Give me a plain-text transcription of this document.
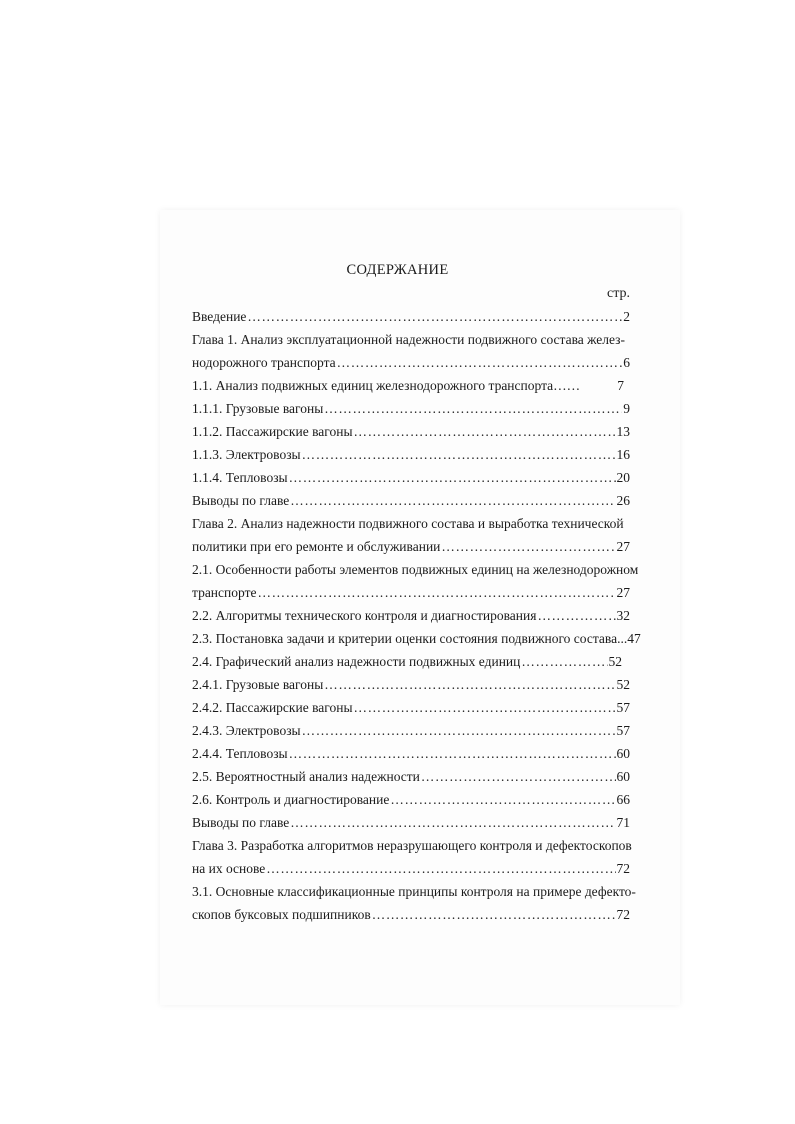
СОДЕРЖАНИЕ
стр.
Введение …………………………………………………………………………………………………………………………………………………………	2
Глава 1. Анализ эксплуатационной надежности подвижного состава желез-
нодорожного транспорта …………………………………………………………………………………………………………………………………………………………	6
1.1. Анализ подвижных единиц железнодорожного транспорта……	7
1.1.1. Грузовые вагоны …………………………………………………………………………………………………………………………………………………………	9
1.1.2. Пассажирские вагоны …………………………………………………………………………………………………………………………………………………………	13
1.1.3. Электровозы …………………………………………………………………………………………………………………………………………………………	16
1.1.4. Тепловозы …………………………………………………………………………………………………………………………………………………………	20
Выводы по главе …………………………………………………………………………………………………………………………………………………………	26
Глава 2. Анализ надежности подвижного состава и выработка технической
политики при его ремонте и обслуживании …………………………………………………………………………………………………………………………………………………………	27
2.1. Особенности работы элементов подвижных единиц на железнодорожном
транспорте …………………………………………………………………………………………………………………………………………………………	27
2.2. Алгоритмы технического контроля и диагностирования …………………………………………………………………………………………………………………………………………………………	32
2.3. Постановка задачи и критерии оценки состояния подвижного состава...47
2.4. Графический анализ надежности подвижных единиц …………………………………………………………………………………………………………………………………………………………	52
2.4.1. Грузовые вагоны …………………………………………………………………………………………………………………………………………………………	52
2.4.2. Пассажирские вагоны …………………………………………………………………………………………………………………………………………………………	57
2.4.3. Электровозы …………………………………………………………………………………………………………………………………………………………	57
2.4.4. Тепловозы …………………………………………………………………………………………………………………………………………………………	60
2.5. Вероятностный анализ надежности …………………………………………………………………………………………………………………………………………………………	60
2.6. Контроль и диагностирование …………………………………………………………………………………………………………………………………………………………	66
Выводы по главе …………………………………………………………………………………………………………………………………………………………	71
Глава 3. Разработка алгоритмов неразрушающего контроля и дефектоскопов
на их основе …………………………………………………………………………………………………………………………………………………………	72
3.1. Основные классификационные принципы контроля на примере дефекто-
скопов буксовых подшипников …………………………………………………………………………………………………………………………………………………………	72
